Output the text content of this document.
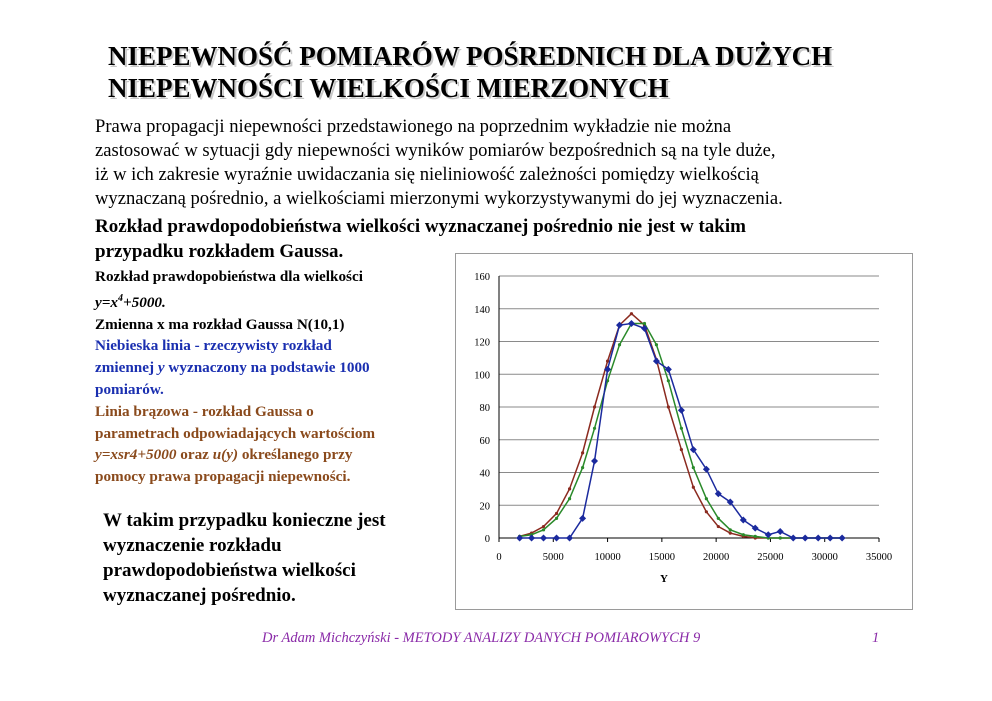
NIEPEWNOŚĆ POMIARÓW POŚREDNICH DLA DUŻYCH
NIEPEWNOŚCI WIELKOŚCI MIERZONYCH
Prawa propagacji niepewności przedstawionego na poprzednim wykładzie nie można
zastosować w sytuacji gdy niepewności wyników pomiarów bezpośrednich są na tyle duże,
iż w ich zakresie wyraźnie uwidaczania się nieliniowość zależności pomiędzy wielkością
wyznaczaną pośrednio, a wielkościami mierzonymi wykorzystywanymi do jej wyznaczenia.
Rozkład prawdopodobieństwa wielkości wyznaczanej pośrednio nie jest w takim
przypadku rozkładem Gaussa.
Rozkład prawdopobieństwa dla wielkości
$y=x^4+5000$.
Zmienna x ma rozkład Gaussa N(10,1)
Niebieska linia - rzeczywisty rozkład
zmiennej y wyznaczony na podstawie 1000
pomiarów.
Linia brązowa - rozkład Gaussa o
parametrach odpowiadających wartościom
y=xsr4+5000 oraz u(y) określanego przy
pomocy prawa propagacji niepewności.
W takim przypadku konieczne jest
wyznaczenie rozkładu
prawdopodobieństwa wielkości
wyznaczanej pośrednio.
0
20
40
60
80
100
120
140
160
0	5000	10000	15000	20000	25000	30000	35000
Y
Dr Adam Michczyński - METODY ANALIZY DANYCH POMIAROWYCH 9	1
